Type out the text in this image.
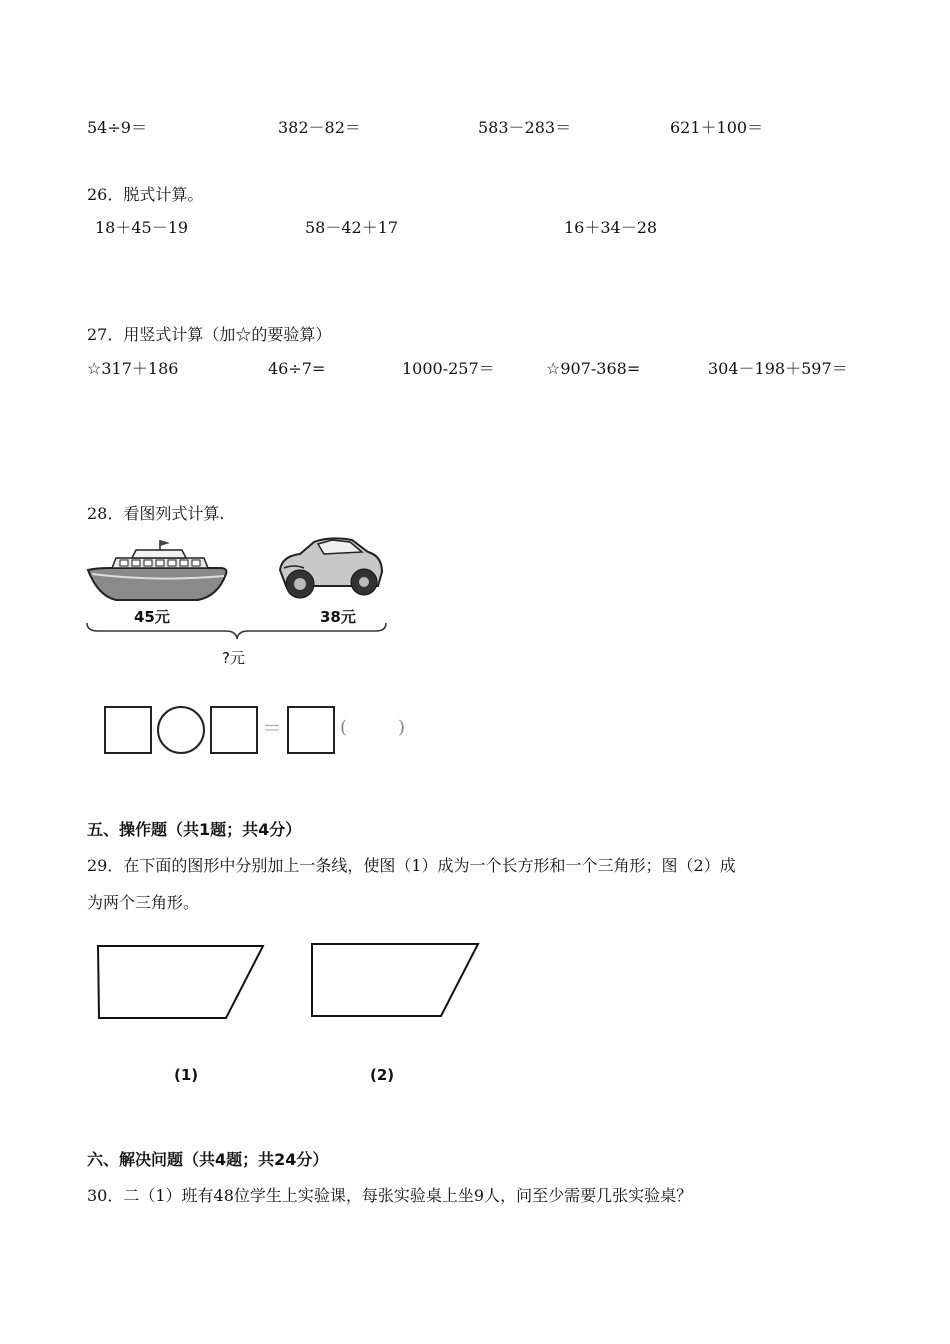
54÷9＝	382－82＝	583－283＝	621＋100＝
26．脱式计算。
18＋45－19	58－42＋17	16＋34－28
27．用竖式计算（加☆的要验算）
☆317＋186	46÷7=	1000-257＝	☆907-368=	304－198＋597＝
28．看图列式计算.
45元	38元
?元
＝	(	)
五、操作题（共1题；共4分）
29．在下面的图形中分别加上一条线，使图（1）成为一个长方形和一个三角形；图（2）成
为两个三角形。
(1)	(2)
六、解决问题（共4题；共24分）
30．二（1）班有48位学生上实验课，每张实验桌上坐9人，问至少需要几张实验桌？
